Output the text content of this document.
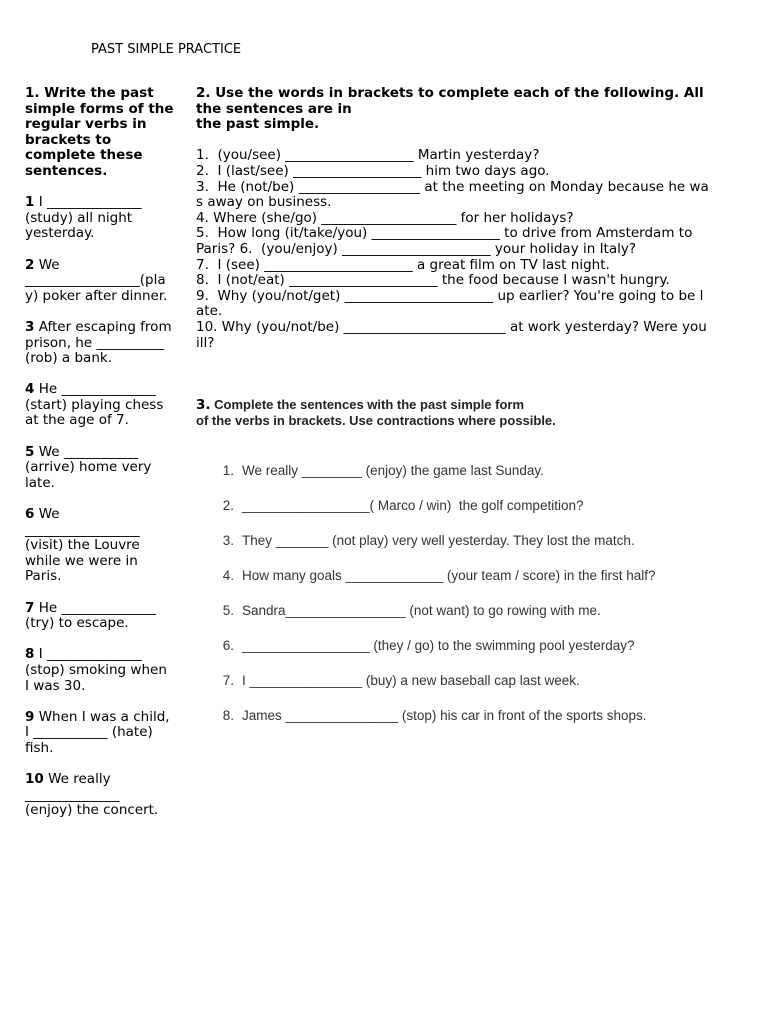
PAST SIMPLE PRACTICE
1. Write the past
simple forms of the
regular verbs in
brackets to
complete these
sentences.
1 I ______________
(study) all night
yesterday.
2 We
_________________(pla
y) poker after dinner.
3 After escaping from
prison, he __________
(rob) a bank.
4 He ______________
(start) playing chess
at the age of 7.
5 We ___________
(arrive) home very
late.
6 We
_________________
(visit) the Louvre
while we were in
Paris.
7 He ______________
(try) to escape.
8 I ______________
(stop) smoking when
I was 30.
9 When I was a child,
I ___________ (hate)
fish.
10 We really
______________
(enjoy) the concert.
2. Use the words in brackets to complete each of the following. All
the sentences are in
the past simple.
1.  (you/see) ___________________ Martin yesterday?
2.  I (last/see) ___________________ him two days ago.
3.  He (not/be) __________________ at the meeting on Monday because he wa
s away on business.
4. Where (she/go) ____________________ for her holidays?
5.  How long (it/take/you) ___________________ to drive from Amsterdam to
Paris? 6.  (you/enjoy) ______________________ your holiday in Italy?
7.  I (see) ______________________ a great film on TV last night.
8.  I (not/eat) ______________________ the food because I wasn't hungry.
9.  Why (you/not/get) ______________________ up earlier? You're going to be l
ate.
10. Why (you/not/be) ________________________ at work yesterday? Were you
ill?
3. Complete the sentences with the past simple form
of the verbs in brackets. Use contractions where possible.
1. We really ________ (enjoy) the game last Sunday.
2. _________________( Marco / win)  the golf competition?
3. They _______ (not play) very well yesterday. They lost the match.
4. How many goals _____________ (your team / score) in the first half?
5. Sandra________________ (not want) to go rowing with me.
6. _________________ (they / go) to the swimming pool yesterday?
7. I _______________ (buy) a new baseball cap last week.
8. James _______________ (stop) his car in front of the sports shops.
